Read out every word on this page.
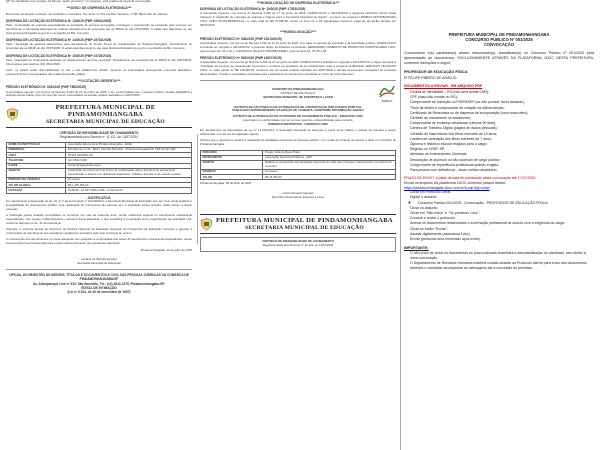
§2º Os candidatos que constam da lista de "pedro provisório" no processo, para análise da segunda convocação.

***AVISO DE DISPENSA ELETRÔNICA***

Encontram-se abertas no Depto. de Licitações e Contratos, sito na Av. N. Sra. Do Bom Sucesso, nº 58, Bairro Alto do Cardoso.

DISPENSA DE LICITAÇÃO ELETRÔNICA Nº 13/2025 (PMP 19601/2025)

Para: "contratação de empresa especializada na prestação de serviços de locação, montagem e manutenção de estruturas para eventos" em atendimento à Secretaria Municipal de Cultura. Recebimento de propostas até as 09h00 do dia 14/07/2025. O edital está disponível no site www.pindamonhangaba.sp.gov.br e na plataforma BLL Compras.

DISPENSA DE LICITAÇÃO ELETRÔNICA Nº 14/2025 (PMP 19716/2025)

Para: "Aquisição de gêneros alimentícios para atendimento do Fundo Social de Solidariedade de Pindamonhangaba". Recebimento de propostas até as 09h00 do dia 15/07/2025. O edital está disponível no site www.pindamonhangaba.sp.gov.br e na plataforma BLL Compras.

DISPENSA DE LICITAÇÃO ELETRÔNICA Nº 15/2025 (PMP 19720/2025)

Para: "Aquisição de combustível destinado ao abastecimento da frota municipal". Recebimento de propostas até as 09h00 do dia 16/07/2025. Informações pelo telefone (12) 3644-5600.

Após, os editais serão disponibilizados no site e nas plataformas oficiais, devendo os interessados acompanhar eventuais alterações, esclarecimentos e impugnações até a data da sessão pública.

***LICITAÇÃO DESERTA***
PREGÃO ELETRÔNICO Nº 033/2025 (PMP 7882/2025)

A autoridade superior, nos termos do Decreto 6.026 de 27 de junho de 2025, e em conformidade com o parecer jurídico, declara DESERTA a licitação acima citada, uma vez que não houve interessados na sessão pública realizada em 03/07/2025.

PREFEITURA MUNICIPAL DE PINDAMONHANGABA
SECRETARIA MUNICIPAL DE EDUCAÇÃO
CERTIDÃO DE INEXIGIBILIDADE DE CHAMAMENTO
Regulamentada pelo Decreto nº 11.431, de 13/07/2024
NOME DA INSTITUIÇÃO	Associação Educacional Pindamonhangaba - APAE
ENDEREÇO	Rua Bem-te-vi, 34 - Bairro Vila São Benedito - Pindamonhangaba/SP, CEP 12.412-380
CNPJ	48.663.440/0001-25
TELEFONE	(12) 3642-5466
E-MAIL	contato@apaepinda.org.br
OBJETO	Celebração de instrumento de Termo de Colaboração para o atendimento educacional especializado a alunos com deficiência intelectual, múltipla e transtorno do espectro autista
PERÍODO DE VIGÊNCIA	12 meses
VALOR GLOBAL	R$ 1.256.000,00
DOTAÇÃO	02.08.06 - 12.367.0006.2.038 - 3.3.50.43.00
JUSTIFICATIVA

Em atendimento à disposição do art. 32, § 1º da Lei Federal nº 13.019/2014, a Secretaria Municipal de Educação vem por meio desta justificar a inexigibilidade do chamamento público para celebração do instrumento de parceria com a instituição acima referida, pelas razões a seguir expostas.

A instituição possui atuação consolidada no município há mais de quarenta anos, sendo referência regional no atendimento educacional especializado, com equipe multiprofissional e estrutura física adequada, o que inviabiliza a competição entre organizações da sociedade civil, conforme disposto no art. 31 da referida lei.

Ademais, a parceria atende às diretrizes da Política Nacional de Educação Especial na Perspectiva da Educação Inclusiva e garante a continuidade do atendimento aos estudantes atualmente assistidos pela rede municipal de ensino.

A manutenção dos atendimentos em local adequado tem garantido a continuidade das ações de atendimento educacional especializado, sendo imprescindível sua manutenção para o pleno desenvolvimento dos estudantes atendidos.

Pindamonhangaba, 10 de julho de 2025
Luciana de Oliveira Ferreira
Secretária Municipal de Educação
OFICIAL DO REGISTRO DE IMÓVEIS, TÍTULOS E DOCUMENTOS E CIVIL DAS PESSOAS JURÍDICAS DA COMARCA DE PINDAMONHANGABA/SP
Av. Albuquerque Lins nº 510, São Benedito, Tel.: (12) 3642-1378, Pindamonhangaba-SP.
EDITAL DE INTIMAÇÃO
(Lei nº 9.514, de 20 de novembro de 1997)
***HOMOLOGAÇÃO DE DISPENSA ELETRÔNICA***
DISPENSA DE LICITAÇÃO ELETRÔNICA Nº 10/2025 (PMP 17515/2025)

A Autoridade Superior, nos termos do Decreto 6.026 de 27 de junho de 2025, HOMOLOGOU e ADJUDICOU a dispensa eletrônica acima citada referente à "aquisição de materiais de limpeza e higiene para a Secretaria Municipal de Saúde", em favor da empresa LIMPMAX DISTRIBUIDORA LTDA, CNPJ 33.215.884/0001-12, no valor total de R$ 47.892,30, sendo os itens 01 a 18 adjudicados conforme mapa de apuração, lavrado em 08/07/2025.

***HOMOLOGAÇÃO***
PREGÃO ELETRÔNICO Nº 048/2025 (PMP 15213/2025)

A Autoridade Superior, nos termos do Decreto 6.026 de 27 de junho de 2025, com base no parecer da comissão e da autoridade jurídica, HOMOLOGOU a licitação em epígrafe e ADJUDICOU o presente objeto às licitantes vencedoras: MEDIFARMA COMÉRCIO DE PRODUTOS HOSPITALARES LTDA, para os itens 01, 04 e 09, e CIRÚRGICA VALE DO PARAÍBA EIRELI, para os itens 02, 03, 05 a 08.

PREGÃO ELETRÔNICO Nº 052/2025 (PMP 16007/2025)

A Autoridade Superior, nos termos do Decreto 6.026 de 27 de junho de 2025, HOMOLOGOU a licitação em epígrafe e ADJUDICOU o objeto referente à "prestação de serviços de manutenção preventiva e corretiva em aparelhos de ar-condicionado" para a empresa CLIMAVALE SERVIÇOS TÉCNICOS LTDA, no valor global de R$ 218.460,00, conforme ata da sessão pública realizada em 02/07/2025 e demais documentos constantes do processo administrativo, ficando a contratada convocada para a assinatura do instrumento contratual no prazo de cinco dias úteis.

MUNICÍPIO DE PINDAMONHANGABA
ESTADO DE SÃO PAULO
SECRETARIA MUNICIPAL DE ESPORTES E LAZER
SEMELP
EXTRATO DE ATA PÚBLICO DE AUTORIZAÇÃO DE CONTRATAÇÃO POR EVENTO PONTUAL
PUBLICADO ANTERIORMENTE NA EDIÇÃO DE 17/06/2025, CONFORME INFORMAÇÃO ABAIXO
EXTRATO DE AUTORIZAÇÃO DE ATIVIDADES DE CHAMAMENTO PÚBLICO - EXERCÍCIO 2025
Autorizado em conformidade com as normas vigentes e disponibilizado para consulta.
EMENDAS IMPOSITIVAS - EXERCÍCIO 2025

Em atendimento às disposições da Lei nº 13.019/2014, a Secretaria Municipal de Esportes e Lazer torna público o extrato da parceria a seguir relacionada, nos termos da legislação vigente.

Informa que a parceria se destina à realização de atividades esportivas de interesse público, com vistas ao fomento do esporte e lazer no município de Pindamonhangaba.

PARCERIA	Projeto Vôlei de Base Pinda
PROPONENTE	Associação Esportiva Pindense - AEP
OBJETO	Realizar a manutenção das atividades esportivas de vôlei para crianças e adolescentes nos bairros do município
VIGÊNCIA	12 meses
VALOR	R$ 45.000,00
Pindamonhangaba, 08 de julho de 2025
Carlos Eduardo Mendes
Secretário Municipal de Esportes e Lazer
PREFEITURA MUNICIPAL DE PINDAMONHANGABA
SECRETARIA MUNICIPAL DE EDUCAÇÃO
CERTIDÃO DE INEXIGIBILIDADE DE CHAMAMENTO
Regulamentada pelo Decreto nº 11.431, de 13/07/2024
PREFEITURA MUNICIPAL DE PINDAMONHANGABA
CONCURSO PÚBLICO Nº 001/2025
CONVOCAÇÃO
Convocamos o(s) candidato(s) abaixo relacionado(s), classificado(s) no Concurso Público nº 001/2025 para apresentação de documentos, EXCLUSIVAMENTE ATRAVÉS DA PLATAFORMA 1DOC DESTA PREFEITURA, conforme instruções a seguir:
PROFESSOR DE EDUCAÇÃO FÍSICA:
8º FELIPE RIBEIRO DE ARAÚJO
DOCUMENTOS A ENVIAR - EM ARQUIVO PDF
• Cédula de Identidade – RG (não será aceita CNH);
• CPF (caso não conste no RG);
• Comprovante de inscrição no PIS/PASEP (se não possuir, favor declarar);
• Título de eleitor e comprovante de votação da última eleição;
• Certificado de Reservista ou de dispensa de incorporação (sexo masculino);
• Certidão de nascimento ou casamento;
• Comprovante de endereço atualizado (últimos 90 dias);
• Carteira de Trabalho Digital (página de dados pessoais);
• Certidão de Nascimento dos filhos menores de 14 anos;
• Carteira de vacinação dos filhos menores de 7 anos;
• Diploma e histórico escolar exigidos para o cargo;
• Registro no CREF-SP;
• Atestado de Antecedentes Criminais;
• Declaração de acúmulo ou não acúmulo de cargo público;
• Comprovante de experiência profissional quando exigido;
• Para pessoa com deficiência – laudo médico atualizado.
PRAZO DE ENVIO: a partir da data de publicação desta convocação até 17/07/2025.
Enviar os arquivos via plataforma 1DOC conforme passos abaixo:
https://pindamonhangaba.1doc.com.br/b.php?pg=o/wp/
• Clicar em Protocolo Geral
• Digitar o assunto:
◦ Concurso Público 001/2025 - Convocação - PROFESSOR DE EDUCAÇÃO FÍSICA
• Clicar no Assunto;
• Clicar em "Não estou" e "Os próximos 1doc";
• Concluir e enviar o protocolo;
• Anexar os documentos relacionados e a formação profissional de acordo com a exigência do cargo;
• Clicar no botão "Enviar";
• Assinar digitalmente (assinatura 1doc);
• Enviar (protocolo será encerrado após envio).
IMPORTANTE:
• O não envio de todos os documentos no prazo indicado acarretará a desclassificação do candidato, sem direito a nova convocação.
• O Departamento de Recursos Humanos manterá contato através do Protocolo aberto para envio dos documentos, devendo o candidato acompanhar as mensagens até a conclusão do processo.
